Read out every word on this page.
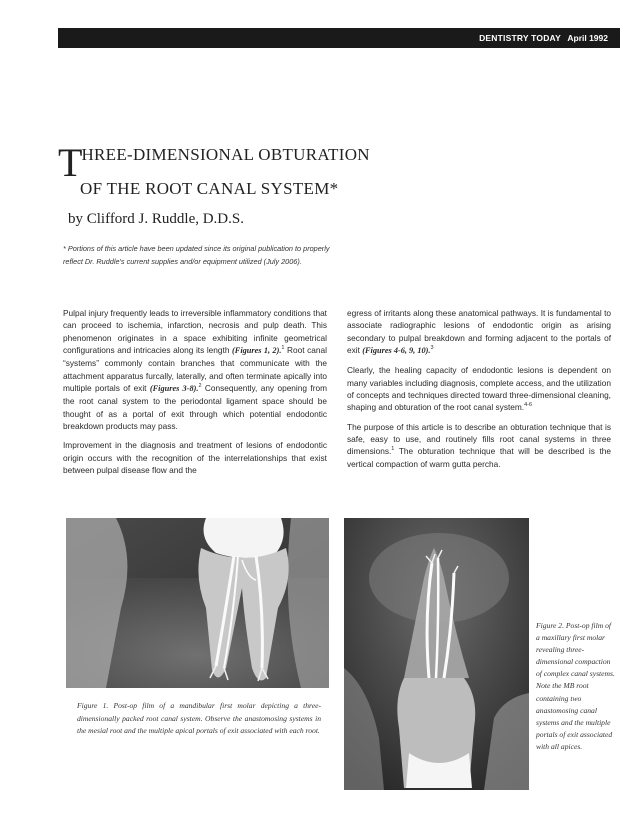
DENTISTRY TODAY April 1992
THREE-DIMENSIONAL OBTURATION
OF THE ROOT CANAL SYSTEM*
by Clifford J. Ruddle, D.D.S.
* Portions of this article have been updated since its original publication to properly reflect Dr. Ruddle's current supplies and/or equipment utilized (July 2006).

Pulpal injury frequently leads to irreversible inflammatory conditions that can proceed to ischemia, infarction, necrosis and pulp death. This phenomenon originates in a space exhibiting infinite geometrical configurations and intricacies along its length (Figures 1, 2).$^1$ Root canal “systems” commonly contain branches that communicate with the attachment apparatus furcally, laterally, and often terminate apically into multiple portals of exit (Figures 3-8).$^2$ Consequently, any opening from the root canal system to the periodontal ligament space should be thought of as a portal of exit through which potential endodontic breakdown products may pass.

Improvement in the diagnosis and treatment of lesions of endodontic origin occurs with the recognition of the interrelationships that exist between pulpal disease flow and the

egress of irritants along these anatomical pathways. It is fundamental to associate radiographic lesions of endodontic origin as arising secondary to pulpal breakdown and forming adjacent to the portals of exit (Figures 4-6, 9, 10).$^3$

Clearly, the healing capacity of endodontic lesions is dependent on many variables including diagnosis, complete access, and the utilization of concepts and techniques directed toward three-dimensional cleaning, shaping and obturation of the root canal system.$^{4-6}$

The purpose of this article is to describe an obturation technique that is safe, easy to use, and routinely fills root canal systems in three dimensions.$^1$ The obturation technique that will be described is the vertical compaction of warm gutta percha.

Figure 1. Post-op film of a mandibular first molar depicting a three-dimensionally packed root canal system. Observe the anastomosing systems in the mesial root and the multiple apical portals of exit associated with each root.
Figure 2. Post-op film of a maxillary first molar revealing three-dimensional compaction of complex canal systems. Note the MB root containing two anastomosing canal systems and the multiple portals of exit associated with all apices.
